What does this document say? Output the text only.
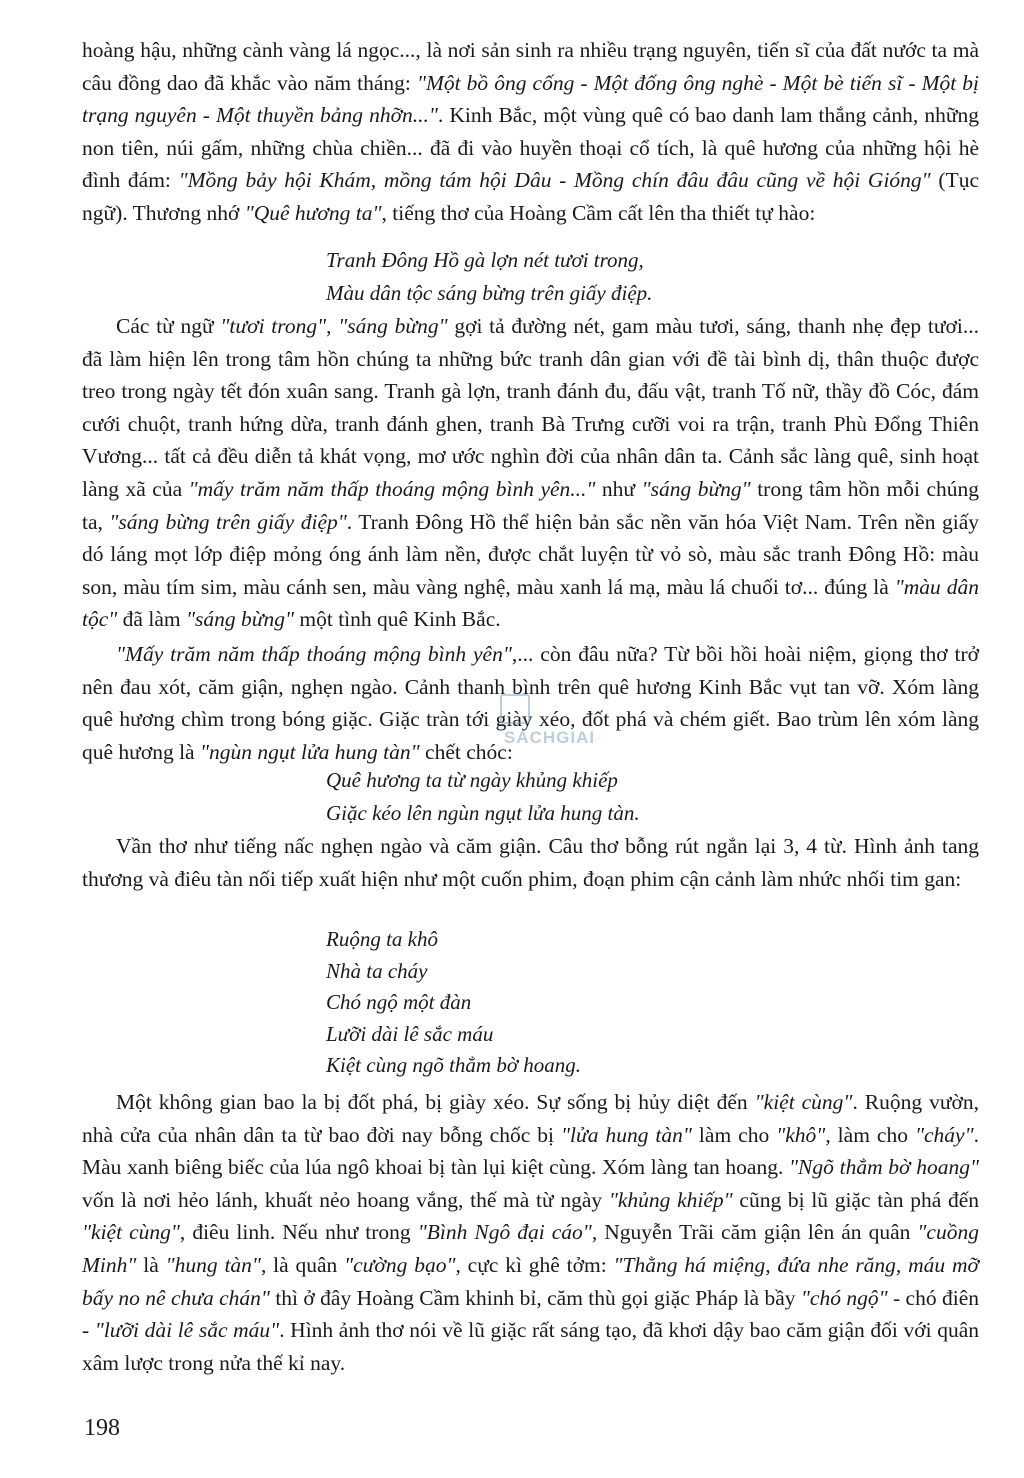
hoàng hậu, những cành vàng lá ngọc..., là nơi sản sinh ra nhiều trạng nguyên, tiến sĩ của đất nước ta mà câu đồng dao đã khắc vào năm tháng: "Một bồ ông cống - Một đống ông nghè - Một bè tiến sĩ - Một bị trạng nguyên - Một thuyền bảng nhỡn...". Kinh Bắc, một vùng quê có bao danh lam thắng cảnh, những non tiên, núi gấm, những chùa chiền... đã đi vào huyền thoại cổ tích, là quê hương của những hội hè đình đám: "Mồng bảy hội Khám, mồng tám hội Dâu - Mồng chín đâu đâu cũng về hội Gióng" (Tục ngữ). Thương nhớ "Quê hương ta", tiếng thơ của Hoàng Cầm cất lên tha thiết tự hào:

Tranh Đông Hồ gà lợn nét tươi trong,
Màu dân tộc sáng bừng trên giấy điệp.

Các từ ngữ "tươi trong", "sáng bừng" gợi tả đường nét, gam màu tươi, sáng, thanh nhẹ đẹp tươi... đã làm hiện lên trong tâm hồn chúng ta những bức tranh dân gian với đề tài bình dị, thân thuộc được treo trong ngày tết đón xuân sang. Tranh gà lợn, tranh đánh đu, đấu vật, tranh Tố nữ, thầy đồ Cóc, đám cưới chuột, tranh hứng dừa, tranh đánh ghen, tranh Bà Trưng cưỡi voi ra trận, tranh Phù Đổng Thiên Vương... tất cả đều diễn tả khát vọng, mơ ước nghìn đời của nhân dân ta. Cảnh sắc làng quê, sinh hoạt làng xã của "mấy trăm năm thấp thoáng mộng bình yên..." như "sáng bừng" trong tâm hồn mỗi chúng ta, "sáng bừng trên giấy điệp". Tranh Đông Hồ thể hiện bản sắc nền văn hóa Việt Nam. Trên nền giấy dó láng mọt lớp điệp mỏng óng ánh làm nền, được chắt luyện từ vỏ sò, màu sắc tranh Đông Hồ: màu son, màu tím sim, màu cánh sen, màu vàng nghệ, màu xanh lá mạ, màu lá chuối tơ... đúng là "màu dân tộc" đã làm "sáng bừng" một tình quê Kinh Bắc.

"Mấy trăm năm thấp thoáng mộng bình yên",... còn đâu nữa? Từ bồi hồi hoài niệm, giọng thơ trở nên đau xót, căm giận, nghẹn ngào. Cảnh thanh bình trên quê hương Kinh Bắc vụt tan vỡ. Xóm làng quê hương chìm trong bóng giặc. Giặc tràn tới giày xéo, đốt phá và chém giết. Bao trùm lên xóm làng quê hương là "ngùn ngụt lửa hung tàn" chết chóc:

SACHGIAI
Quê hương ta từ ngày khủng khiếp
Giặc kéo lên ngùn ngụt lửa hung tàn.

Vần thơ như tiếng nấc nghẹn ngào và căm giận. Câu thơ bỗng rút ngắn lại 3, 4 từ. Hình ảnh tang thương và điêu tàn nối tiếp xuất hiện như một cuốn phim, đoạn phim cận cảnh làm nhức nhối tim gan:

Ruộng ta khô
Nhà ta cháy
Chó ngộ một đàn
Lưỡi dài lê sắc máu
Kiệt cùng ngõ thẳm bờ hoang.

Một không gian bao la bị đốt phá, bị giày xéo. Sự sống bị hủy diệt đến "kiệt cùng". Ruộng vườn, nhà cửa của nhân dân ta từ bao đời nay bỗng chốc bị "lửa hung tàn" làm cho "khô", làm cho "cháy". Màu xanh biêng biếc của lúa ngô khoai bị tàn lụi kiệt cùng. Xóm làng tan hoang. "Ngõ thẳm bờ hoang" vốn là nơi hẻo lánh, khuất nẻo hoang vắng, thế mà từ ngày "khủng khiếp" cũng bị lũ giặc tàn phá đến "kiệt cùng", điêu linh. Nếu như trong "Bình Ngô đại cáo", Nguyễn Trãi căm giận lên án quân "cuồng Minh" là "hung tàn", là quân "cường bạo", cực kì ghê tởm: "Thằng há miệng, đứa nhe răng, máu mỡ bấy no nê chưa chán" thì ở đây Hoàng Cầm khinh bỉ, căm thù gọi giặc Pháp là bầy "chó ngộ" - chó điên - "lưỡi dài lê sắc máu". Hình ảnh thơ nói về lũ giặc rất sáng tạo, đã khơi dậy bao căm giận đối với quân xâm lược trong nửa thế kỉ nay.

198
